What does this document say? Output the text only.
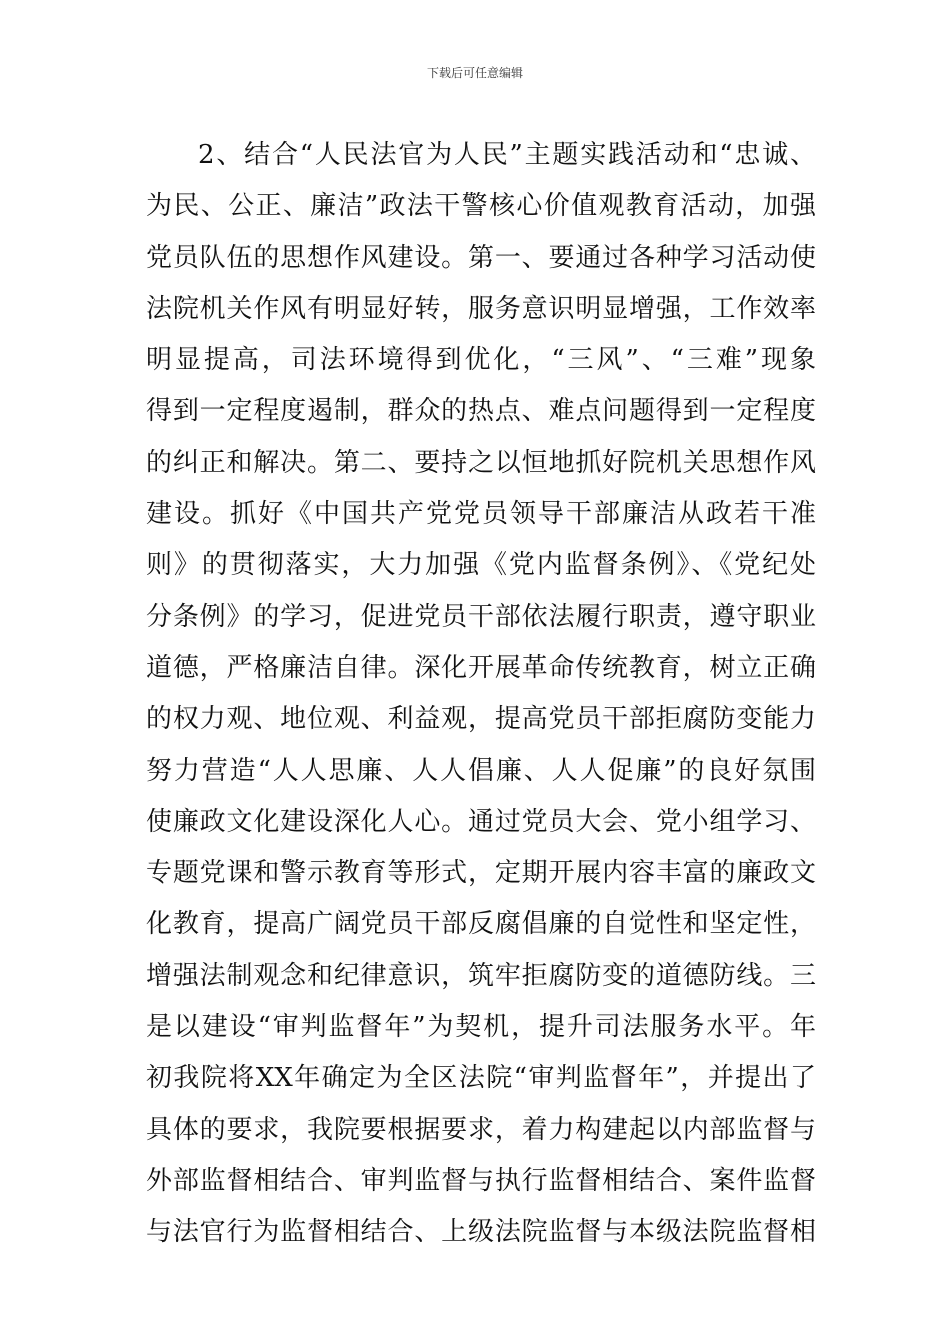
下载后可任意编辑
2、结合“人民法官为人民”主题实践活动和“忠诚、
为民、公正、廉洁”政法干警核心价值观教育活动，加强
党员队伍的思想作风建设。第一、要通过各种学习活动使
法院机关作风有明显好转，服务意识明显增强，工作效率
明显提高，司法环境得到优化，“三风”、“三难”现象
得到一定程度遏制，群众的热点、难点问题得到一定程度
的纠正和解决。第二、要持之以恒地抓好院机关思想作风
建设。抓好《中国共产党党员领导干部廉洁从政若干准
则》的贯彻落实，大力加强《党内监督条例》、《党纪处
分条例》的学习，促进党员干部依法履行职责，遵守职业
道德，严格廉洁自律。深化开展革命传统教育，树立正确
的权力观、地位观、利益观，提高党员干部拒腐防变能力
努力营造“人人思廉、人人倡廉、人人促廉”的良好氛围
使廉政文化建设深化人心。通过党员大会、党小组学习、
专题党课和警示教育等形式，定期开展内容丰富的廉政文
化教育，提高广阔党员干部反腐倡廉的自觉性和坚定性，
增强法制观念和纪律意识，筑牢拒腐防变的道德防线。三
是以建设“审判监督年”为契机，提升司法服务水平。年
初我院将XX年确定为全区法院“审判监督年”，并提出了
具体的要求，我院要根据要求，着力构建起以内部监督与
外部监督相结合、审判监督与执行监督相结合、案件监督
与法官行为监督相结合、上级法院监督与本级法院监督相
